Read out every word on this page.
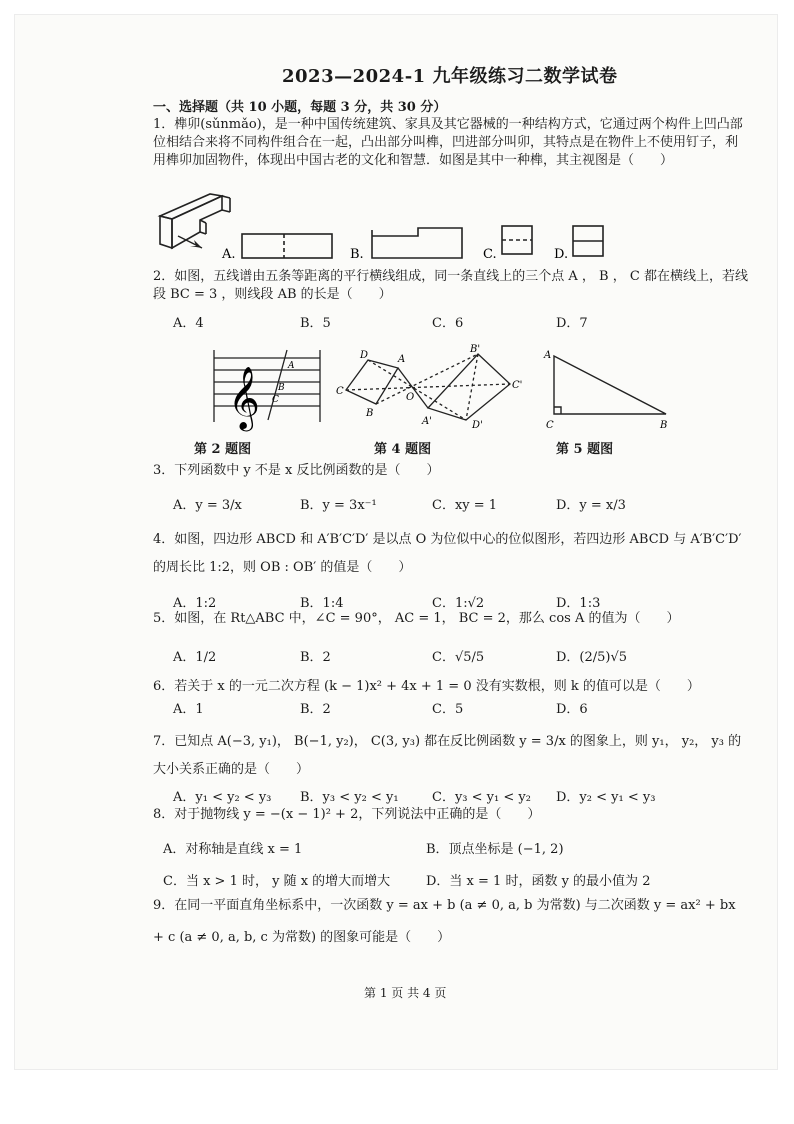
2023—2024-1 九年级练习二数学试卷
一、选择题（共 10 小题，每题 3 分，共 30 分）
1．榫卯(sǔnmǎo)，是一种中国传统建筑、家具及其它器械的一种结构方式，它通过两个构件上凹凸部位相结合来将不同构件组合在一起，凸出部分叫榫，凹进部分叫卯，其特点是在物件上不使用钉子，利用榫卯加固物件，体现出中国古老的文化和智慧．如图是其中一种榫，其主视图是（　　）
A.	B.	C.	D.
2．如图，五线谱由五条等距离的平行横线组成，同一条直线上的三个点 A ， B ， C 都在横线上，若线段 BC = 3 ，则线段 AB 的长是（　　）
A．4	B．5	C．6	D．7
𝄞	A
B
C
D	A
C
B
O
B'
C'
A'	D'
A
C	B
第 2 题图	第 4 题图	第 5 题图
3．下列函数中 y 不是 x 反比例函数的是（　　）
A．y = 3/x	B．y = 3x⁻¹	C．xy = 1	D．y = x/3
4．如图，四边形 ABCD 和 A′B′C′D′ 是以点 O 为位似中心的位似图形，若四边形 ABCD 与 A′B′C′D′ 的周长比 1:2，则 OB : OB′ 的值是（　　）
A．1:2	B．1:4	C．1:√2	D．1:3
5．如图，在 Rt△ABC 中，∠C = 90°， AC = 1， BC = 2，那么 cos A 的值为（　　）
A．1/2	B．2	C．√5/5	D．(2/5)√5
6．若关于 x 的一元二次方程 (k − 1)x² + 4x + 1 = 0 没有实数根，则 k 的值可以是（　　）
A．1	B．2	C．5	D．6
7．已知点 A(−3, y₁)， B(−1, y₂)， C(3, y₃) 都在反比例函数 y = 3/x 的图象上，则 y₁， y₂， y₃ 的大小关系正确的是（　　）
A．y₁ < y₂ < y₃ B．y₃ < y₂ < y₁	C．y₃ < y₁ < y₂ D．y₂ < y₁ < y₃
8．对于抛物线 y = −(x − 1)² + 2，下列说法中正确的是（　　）
A．对称轴是直线 x = 1	B．顶点坐标是 (−1, 2)
C．当 x > 1 时， y 随 x 的增大而增大	D．当 x = 1 时，函数 y 的最小值为 2
9．在同一平面直角坐标系中，一次函数 y = ax + b (a ≠ 0, a, b 为常数) 与二次函数 y = ax² + bx + c (a ≠ 0, a, b, c 为常数) 的图象可能是（　　）
第 1 页 共 4 页
